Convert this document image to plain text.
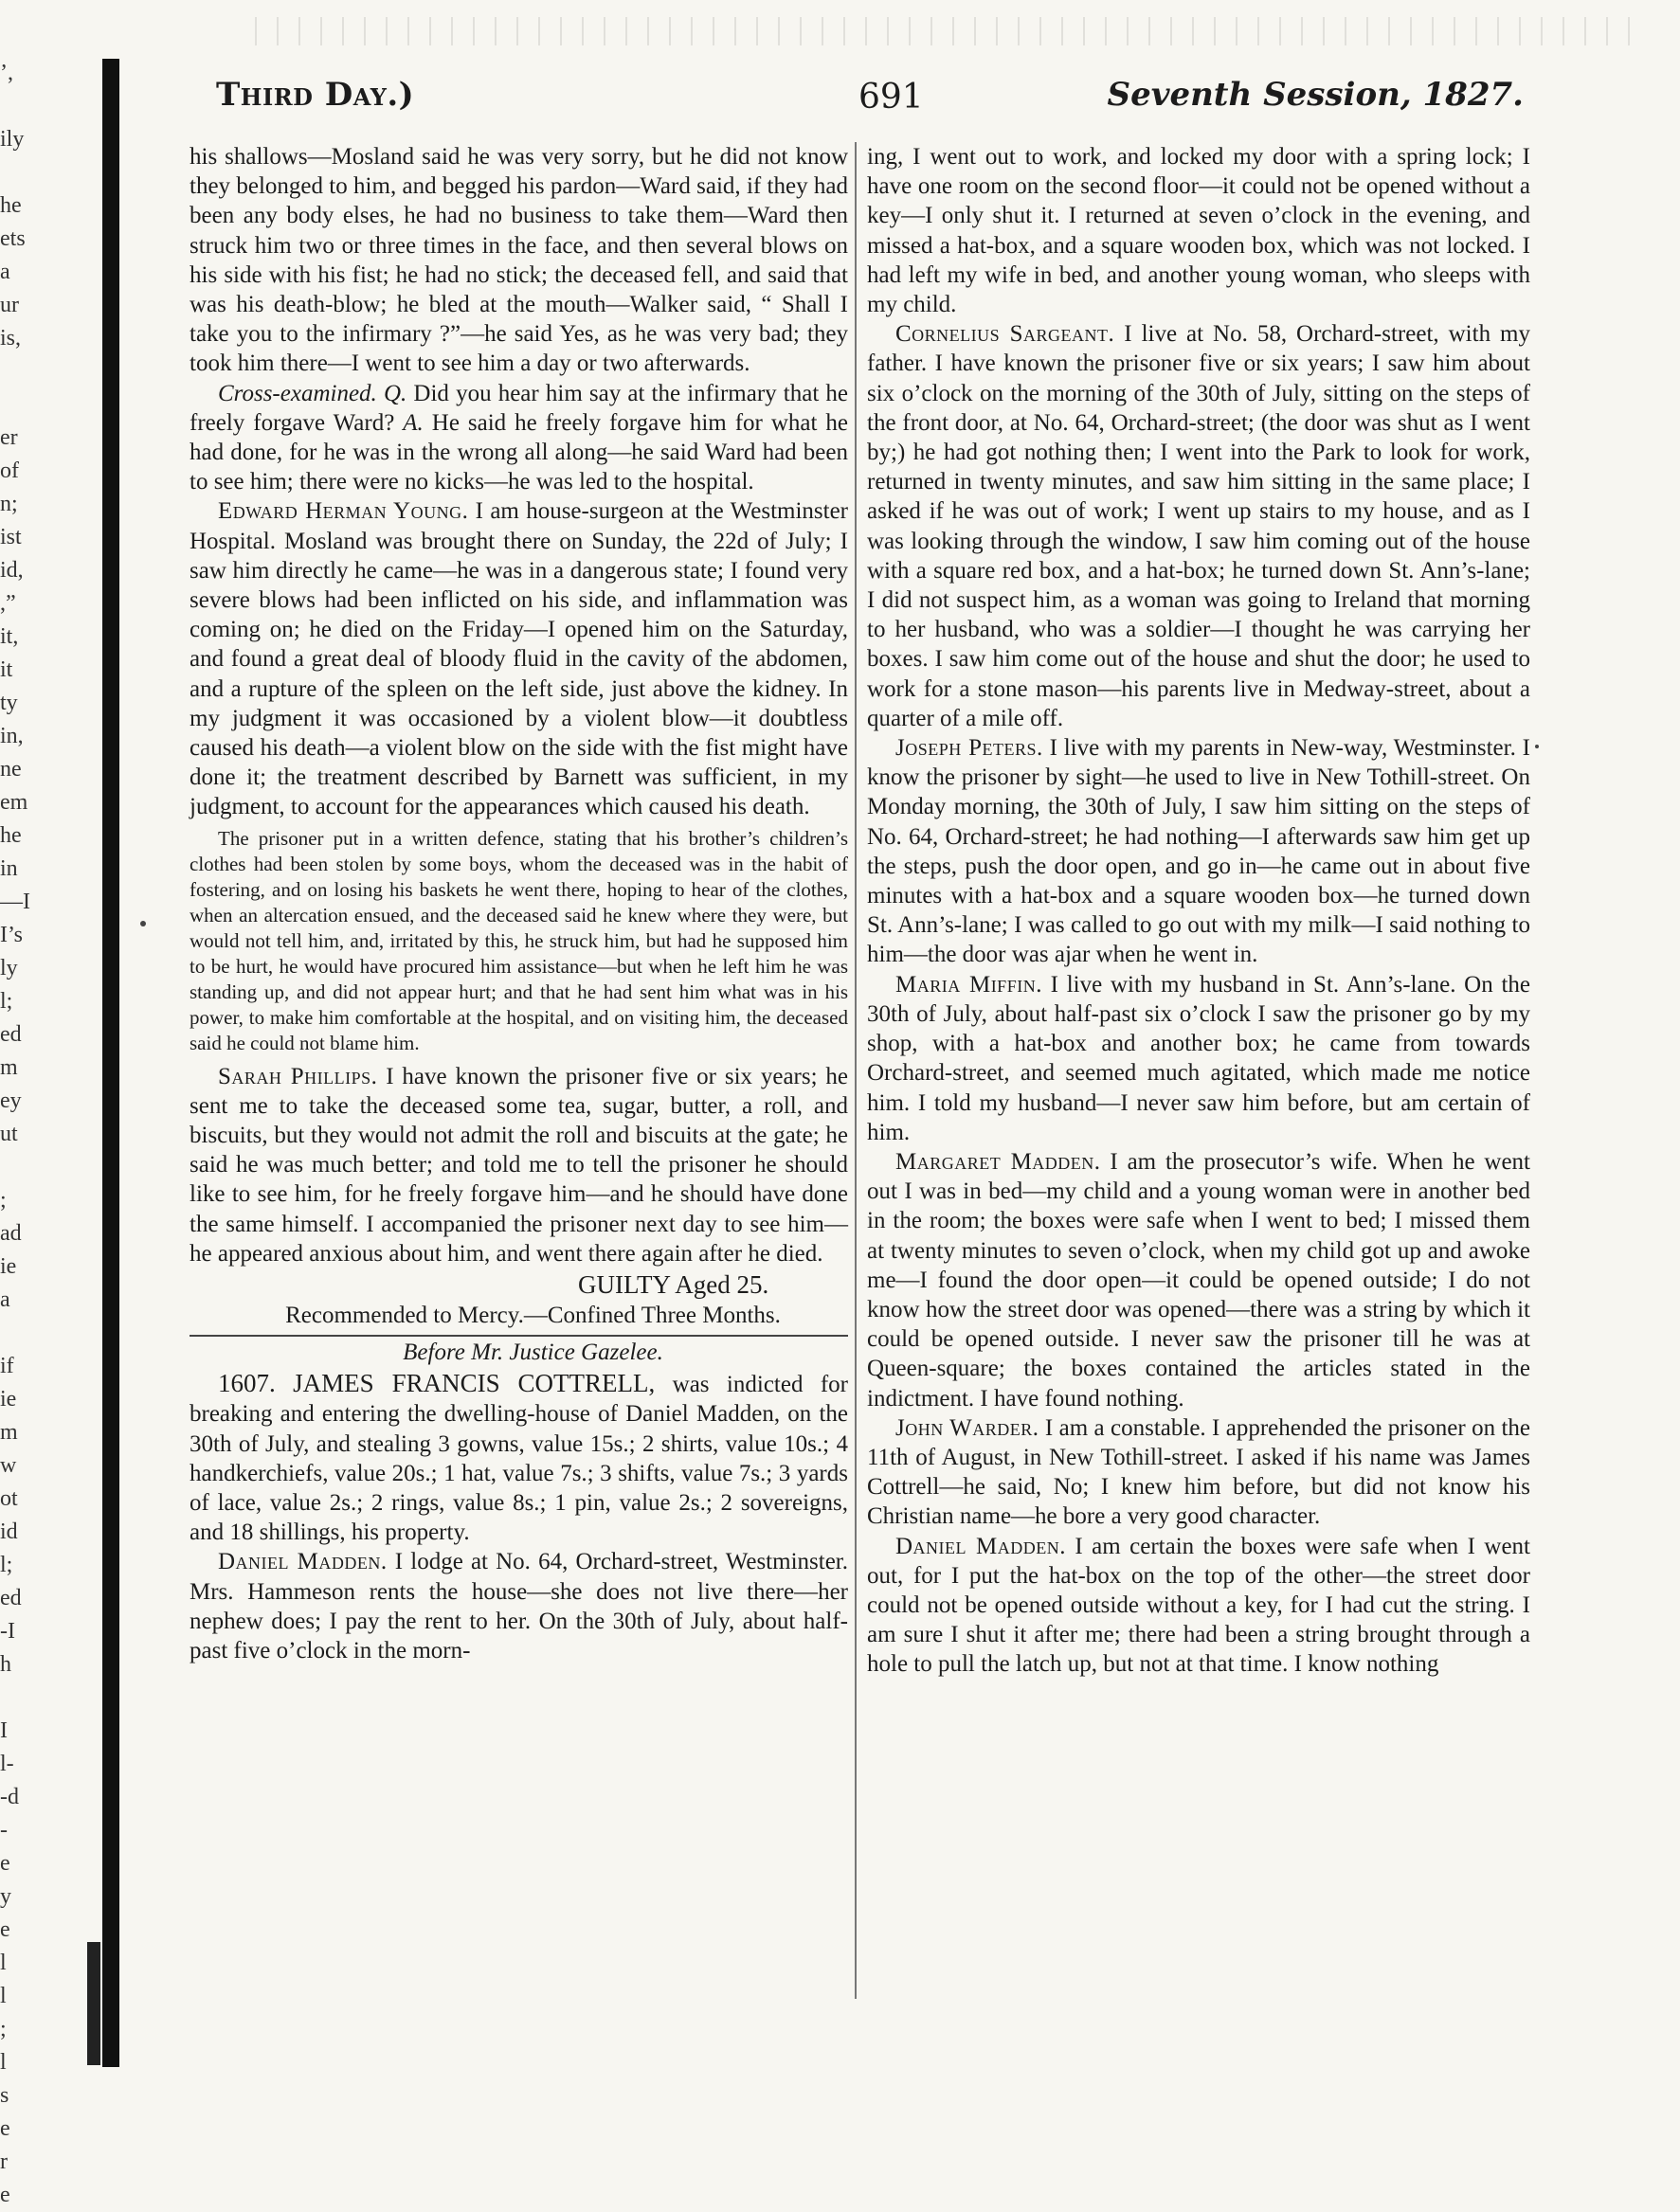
’,
ily
he
ets
a
ur
is,
er
of
n;
ist
id,
,”
it,
it
ty
in,
ne
em
he
in
—I
I’s
ly
l;
ed
m
ey
ut
;
ad
ie
a
if
ie
m
w
ot
id
l;
ed
-I
h
I
l-
-d
-
e
y
e
l
l
;
l
s
e
r
e
Third Day.)	691	Seventh Session, 1827.

his shallows—Mosland said he was very sorry, but he did not know they belonged to him, and begged his pardon—Ward said, if they had been any body elses, he had no business to take them—Ward then struck him two or three times in the face, and then several blows on his side with his fist; he had no stick; the deceased fell, and said that was his death-blow; he bled at the mouth—Walker said, “ Shall I take you to the infirmary ?”—he said Yes, as he was very bad; they took him there—I went to see him a day or two afterwards.

Cross-examined. Q. Did you hear him say at the infirmary that he freely forgave Ward? A. He said he freely forgave him for what he had done, for he was in the wrong all along—he said Ward had been to see him; there were no kicks—he was led to the hospital.

Edward Herman Young. I am house-surgeon at the Westminster Hospital. Mosland was brought there on Sunday, the 22d of July; I saw him directly he came—he was in a dangerous state; I found very severe blows had been inflicted on his side, and inflammation was coming on; he died on the Friday—I opened him on the Saturday, and found a great deal of bloody fluid in the cavity of the abdomen, and a rupture of the spleen on the left side, just above the kidney. In my judgment it was occasioned by a violent blow—it doubtless caused his death—a violent blow on the side with the fist might have done it; the treatment described by Barnett was sufficient, in my judgment, to account for the appearances which caused his death.

The prisoner put in a written defence, stating that his brother’s children’s clothes had been stolen by some boys, whom the deceased was in the habit of fostering, and on losing his baskets he went there, hoping to hear of the clothes, when an altercation ensued, and the deceased said he knew where they were, but would not tell him, and, irritated by this, he struck him, but had he supposed him to be hurt, he would have procured him assistance—but when he left him he was standing up, and did not appear hurt; and that he had sent him what was in his power, to make him comfortable at the hospital, and on visiting him, the deceased said he could not blame him.

Sarah Phillips. I have known the prisoner five or six years; he sent me to take the deceased some tea, sugar, butter, a roll, and biscuits, but they would not admit the roll and biscuits at the gate; he said he was much better; and told me to tell the prisoner he should like to see him, for he freely forgave him—and he should have done the same himself. I accompanied the prisoner next day to see him—he appeared anxious about him, and went there again after he died.

GUILTY Aged 25.

Recommended to Mercy.—Confined Three Months.

Before Mr. Justice Gazelee.

1607. JAMES FRANCIS COTTRELL, was indicted for breaking and entering the dwelling-house of Daniel Madden, on the 30th of July, and stealing 3 gowns, value 15s.; 2 shirts, value 10s.; 4 handkerchiefs, value 20s.; 1 hat, value 7s.; 3 shifts, value 7s.; 3 yards of lace, value 2s.; 2 rings, value 8s.; 1 pin, value 2s.; 2 sovereigns, and 18 shillings, his property.

Daniel Madden. I lodge at No. 64, Orchard-street, Westminster. Mrs. Hammeson rents the house—she does not live there—her nephew does; I pay the rent to her. On the 30th of July, about half-past five o’clock in the morn-

ing, I went out to work, and locked my door with a spring lock; I have one room on the second floor—it could not be opened without a key—I only shut it. I returned at seven o’clock in the evening, and missed a hat-box, and a square wooden box, which was not locked. I had left my wife in bed, and another young woman, who sleeps with my child.

Cornelius Sargeant. I live at No. 58, Orchard-street, with my father. I have known the prisoner five or six years; I saw him about six o’clock on the morning of the 30th of July, sitting on the steps of the front door, at No. 64, Orchard-street; (the door was shut as I went by;) he had got nothing then; I went into the Park to look for work, returned in twenty minutes, and saw him sitting in the same place; I asked if he was out of work; I went up stairs to my house, and as I was looking through the window, I saw him coming out of the house with a square red box, and a hat-box; he turned down St. Ann’s-lane; I did not suspect him, as a woman was going to Ireland that morning to her husband, who was a soldier—I thought he was carrying her boxes. I saw him come out of the house and shut the door; he used to work for a stone mason—his parents live in Medway-street, about a quarter of a mile off.

Joseph Peters. I live with my parents in New-way, Westminster. I know the prisoner by sight—he used to live in New Tothill-street. On Monday morning, the 30th of July, I saw him sitting on the steps of No. 64, Orchard-street; he had nothing—I afterwards saw him get up the steps, push the door open, and go in—he came out in about five minutes with a hat-box and a square wooden box—he turned down St. Ann’s-lane; I was called to go out with my milk—I said nothing to him—the door was ajar when he went in.

Maria Miffin. I live with my husband in St. Ann’s-lane. On the 30th of July, about half-past six o’clock I saw the prisoner go by my shop, with a hat-box and another box; he came from towards Orchard-street, and seemed much agitated, which made me notice him. I told my husband—I never saw him before, but am certain of him.

Margaret Madden. I am the prosecutor’s wife. When he went out I was in bed—my child and a young woman were in another bed in the room; the boxes were safe when I went to bed; I missed them at twenty minutes to seven o’clock, when my child got up and awoke me—I found the door open—it could be opened outside; I do not know how the street door was opened—there was a string by which it could be opened outside. I never saw the prisoner till he was at Queen-square; the boxes contained the articles stated in the indictment. I have found nothing.

John Warder. I am a constable. I apprehended the prisoner on the 11th of August, in New Tothill-street. I asked if his name was James Cottrell—he said, No; I knew him before, but did not know his Christian name—he bore a very good character.

Daniel Madden. I am certain the boxes were safe when I went out, for I put the hat-box on the top of the other—the street door could not be opened outside without a key, for I had cut the string. I am sure I shut it after me; there had been a string brought through a hole to pull the latch up, but not at that time. I know nothing
